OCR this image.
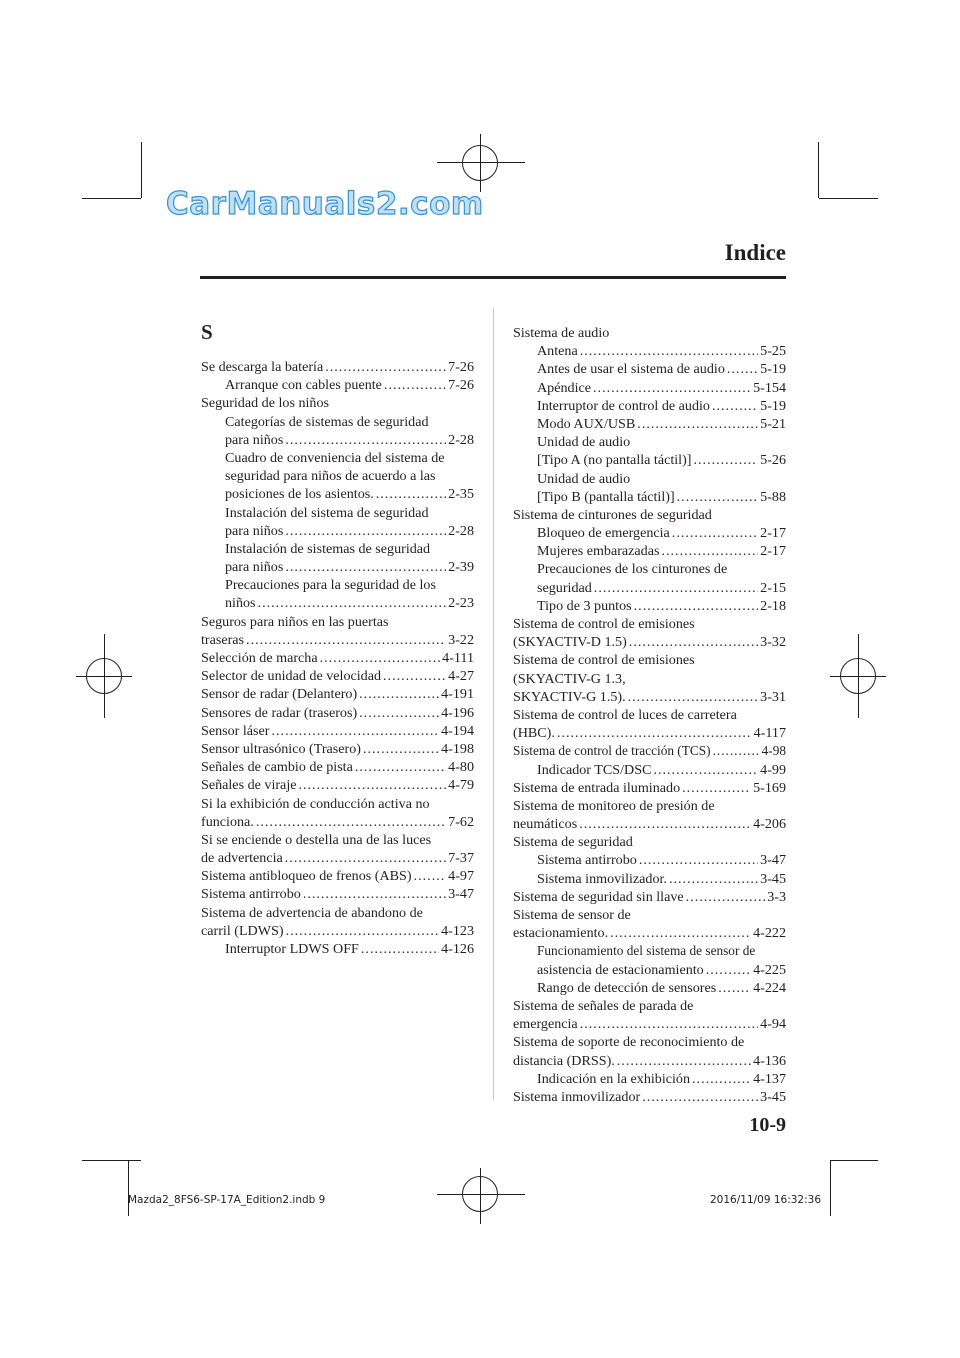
CarManuals2.com
Indice
S
Se descarga la batería .....	7-26
Arranque con cables puente .....	7-26
Seguridad de los niños
Categorías de sistemas de seguridad
para niños .....	2-28
Cuadro de conveniencia del sistema de
seguridad para niños de acuerdo a las
posiciones de los asientos. .....	2-35
Instalación del sistema de seguridad
para niños .....	2-28
Instalación de sistemas de seguridad
para niños .....	2-39
Precauciones para la seguridad de los
niños .....	2-23
Seguros para niños en las puertas
traseras .....	3-22
Selección de marcha .....	4-111
Selector de unidad de velocidad .....	4-27
Sensor de radar (Delantero) .....	4-191
Sensores de radar (traseros) .....	4-196
Sensor láser .....	4-194
Sensor ultrasónico (Trasero) .....	4-198
Señales de cambio de pista .....	4-80
Señales de viraje .....	4-79
Si la exhibición de conducción activa no
funciona. .....	7-62
Si se enciende o destella una de las luces
de advertencia .....	7-37
Sistema antibloqueo de frenos (ABS) .....	4-97
Sistema antirrobo .....	3-47
Sistema de advertencia de abandono de
carril (LDWS) .....	4-123
Interruptor LDWS OFF .....	4-126
Sistema de audio
Antena .....	5-25
Antes de usar el sistema de audio .....	5-19
Apéndice .....	5-154
Interruptor de control de audio .....	5-19
Modo AUX/USB .....	5-21
Unidad de audio
[Tipo A (no pantalla táctil)] .....	5-26
Unidad de audio
[Tipo B (pantalla táctil)] .....	5-88
Sistema de cinturones de seguridad
Bloqueo de emergencia .....	2-17
Mujeres embarazadas .....	2-17
Precauciones de los cinturones de
seguridad .....	2-15
Tipo de 3 puntos .....	2-18
Sistema de control de emisiones
(SKYACTIV-D 1.5) .....	3-32
Sistema de control de emisiones
(SKYACTIV-G 1.3,
SKYACTIV-G 1.5). .....	3-31
Sistema de control de luces de carretera
(HBC). .....	4-117
Sistema de control de tracción (TCS) .....	4-98
Indicador TCS/DSC .....	4-99
Sistema de entrada iluminado .....	5-169
Sistema de monitoreo de presión de
neumáticos .....	4-206
Sistema de seguridad
Sistema antirrobo .....	3-47
Sistema inmovilizador. .....	3-45
Sistema de seguridad sin llave .....	3-3
Sistema de sensor de
estacionamiento. .....	4-222
Funcionamiento del sistema de sensor de
asistencia de estacionamiento .....	4-225
Rango de detección de sensores .....	4-224
Sistema de señales de parada de
emergencia .....	4-94
Sistema de soporte de reconocimiento de
distancia (DRSS). .....	4-136
Indicación en la exhibición .....	4-137
Sistema inmovilizador .....	3-45
10-9
Mazda2_8FS6-SP-17A_Edition2.indb 9	2016/11/09 16:32:36
